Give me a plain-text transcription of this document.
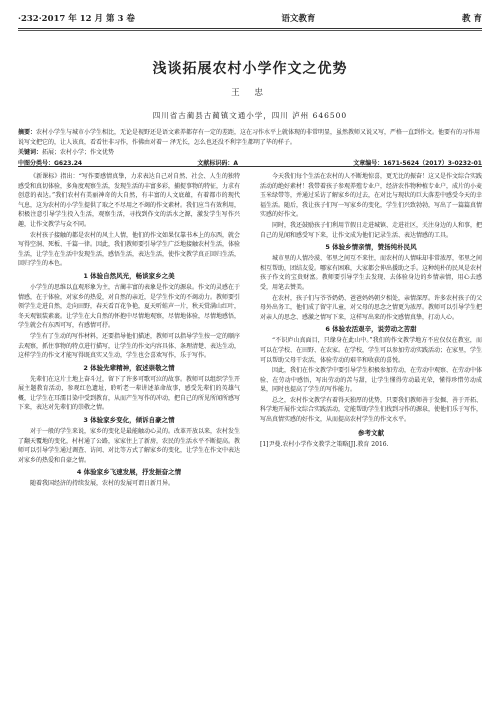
·232·2017 年 12 月 第 3 卷	语文教育	教 育
浅谈拓展农村小学作文之优势
王 忠
四川省古蔺县古蔺镇文通小学，四川 泸州 646500
摘要：农村小学生与城市小学生相比，无论是视野还是语文素养都存有一定的差距，这在习作水平上就体现的非常明显，虽然教师又说又写，严格一直到作文。他要有的习作用说写文把它的，让人该真，看看往非习作，作佛由对着一 泽无长，怎么也还没不利字生都明了毕的样子。
关键词：拓展；农村小学；作文优势
中图分类号：G623.24	文献标识码：A	文章编号：1671-5624（2017）3-0232-01

《新课标》指出：“写作要感情真挚，力求表达自己对自然、社会、人生的独特感受和真切体验，多角度观察生活，发现生活的丰富多彩，捕捉事物的特征，力求有创意的表达。”我们农村有美丽神奇的大自然，有丰富的人文底蕴，有着都市的现代气息，这为农村的小学生提供了取之不尽用之不竭的作文素材。我们应当有效利用，积极注意引导学生投入生活，观察生活，寻找到作文的活水之源，激发学生写作兴趣，让作文教学与众不同。

农村孩子接触的都是农村的风土人情，他们的作文如果仅靠书本上的东西，就会写得空洞、死板、千篇一律。因此，我们教师要引导学生广泛地接触农村生活，体验生活，让学生在生活中发现生活，感悟生活，表达生活，使作文教学真正回归生活，回归学生的本色。

1 体验自然风光，畅谈家乡之美

小学生的思维以直观形象为主，古蔺丰富的表象是作文的源泉。作文的灵感在于情感，在于体验，对家乡的热爱，对自然的亲近，是学生作文的不竭动力。教师要引领学生走进自然，走向田野，春天看百花争艳，夏天听蛙声一片，秋天赏满山红叶，冬天观银装素裹。让学生在大自然的怀抱中尽情地观察，尽情地体验，尽情地感悟，学生就会有东西可写，有感情可抒。

学生有了生动的写作材料，还要指导他们描述，教师可以指导学生按一定的顺序去观察，抓住事物的特点进行描写，让学生的作文内容具体、条理清楚、表达生动，这样学生的作文才能写得既真实又生动，学生也会喜欢写作，乐于写作。

2 体验先辈精神，叙述崇敬之情

先辈们在这片土地上奋斗过，留下了许多可歌可泣的故事。教师可以组织学生开展主题教育活动，参观红色遗址，聆听老一辈讲述革命故事，感受先辈们的英雄气概，让学生在耳濡目染中受到教育，从而产生写作的冲动，把自己的所见所闻所感写下来，表达对先辈们的崇敬之情。

3 体验家乡变化，倾诉自豪之情

对于一般的学生来说，家乡的变化是最能触动心灵的。改革开放以来，农村发生了翻天覆地的变化，村村通了公路，家家住上了新房，农民的生活水平不断提高。教师可以引导学生通过调查、访问、对比等方式了解家乡的变化，让学生在作文中表达对家乡的热爱和自豪之情。

4 体验家乡飞速发展，抒发振奋之情

随着我国经济的持续发展，农村的发展可谓日新月异。

今天我们每个生活在农村的人不断地惊喜，更无比的振奋！这又是作文综合实践活动的绝好素材！我带着孩子参观养殖专业户，经济农作物种植专业户，成片的小麦玉米绿带等，并通过采访了解家乡的过去，在对比与现状的巨大落差中感受今天的幸福生活。随后，我让孩子们写一写家乡的变化，学生们兴致勃勃，写出了一篇篇真情实感的好作文。

同时，我还鼓励孩子们利用节假日走进城镇、走进社区，关注身边的人和事，把自己的见闻和感受写下来，让作文成为他们记录生活、表达情感的工具。

5 体验乡情亲情，赞扬纯朴民风

城市里的人情冷漠、邻里之间互不来往，而农村的人情味却非常浓厚，邻里之间相互帮助，团结友爱。哪家有困难，大家都会伸出援助之手。这种纯朴的民风是农村孩子作文的宝贵财富。教师要引导学生去发现、去体验身边的乡情亲情，用心去感受，用笔去赞美。

在农村，孩子们与爷爷奶奶、爸爸妈妈朝夕相处，亲情深厚。许多农村孩子的父母外出务工，他们成了留守儿童，对父母的思念之情更为浓厚。教师可以引导学生把对亲人的思念、感激之情写下来，这样写出来的作文感情真挚，打动人心。

6 体验农活艰辛，说劳动之苦甜

“不识庐山真面目，只缘身在此山中。”我们的作文教学地方不应仅仅在教室，而可以在学校、在田野、在农家。在学校，学生可以参加劳动实践活动；在家里，学生可以帮助父母干农活，体验劳动的艰辛和收获的喜悦。

因此，我们在作文教学中要引导学生积极参加劳动，在劳动中观察、在劳动中体验、在劳动中感悟，写出劳动的苦与甜，让学生懂得劳动最光荣，懂得珍惜劳动成果，同时也提高了学生的写作能力。

总之，农村作文教学有着得天独厚的优势，只要我们教师善于发掘、善于开拓、科学地开展作文综合实践活动，定能帮助学生们找到习作的源泉，使他们乐于写作，写出真情实感的好作文，从而提高农村学生的作文水平。

参考文献

[1]尹曼.农村小学作文教学之策略[J].教育 2016.
